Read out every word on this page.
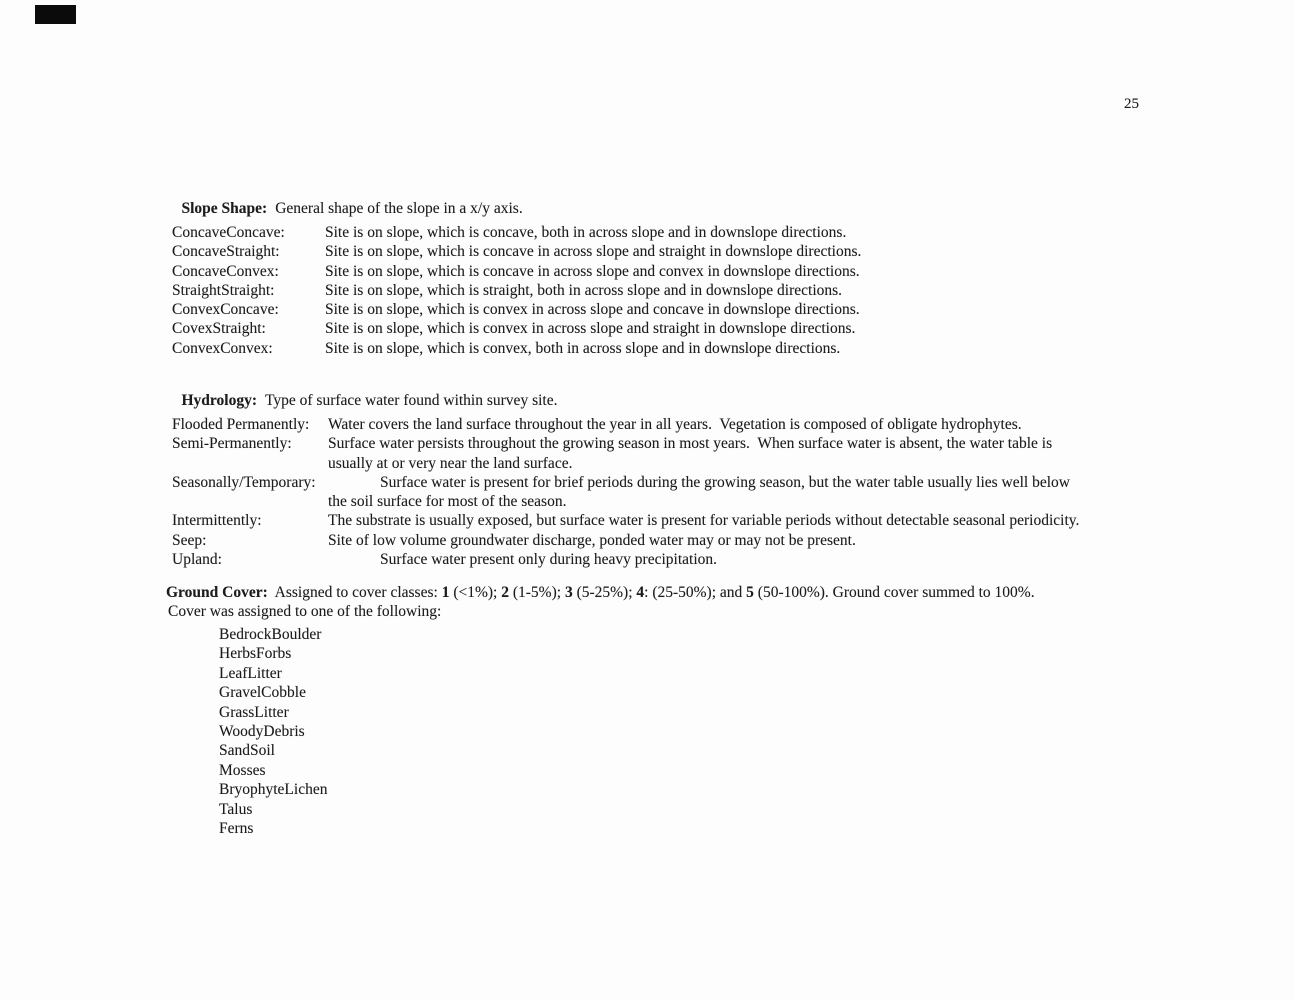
25

Slope Shape: General shape of the slope in a x/y axis.

ConcaveConcave:	Site is on slope, which is concave, both in across slope and in downslope directions.
ConcaveStraight:	Site is on slope, which is concave in across slope and straight in downslope directions.
ConcaveConvex:	Site is on slope, which is concave in across slope and convex in downslope directions.
StraightStraight:	Site is on slope, which is straight, both in across slope and in downslope directions.
ConvexConcave:	Site is on slope, which is convex in across slope and concave in downslope directions.
CovexStraight:	Site is on slope, which is convex in across slope and straight in downslope directions.
ConvexConvex:	Site is on slope, which is convex, both in across slope and in downslope directions.

Hydrology: Type of surface water found within survey site.

Flooded Permanently:	Water covers the land surface throughout the year in all years.  Vegetation is composed of obligate hydrophytes.
Semi-Permanently:	Surface water persists throughout the growing season in most years.  When surface water is absent, the water table is
usually at or very near the land surface.
Seasonally/Temporary:	Surface water is present for brief periods during the growing season, but the water table usually lies well below
the soil surface for most of the season.
Intermittently:	The substrate is usually exposed, but surface water is present for variable periods without detectable seasonal periodicity.
Seep:	Site of low volume groundwater discharge, ponded water may or may not be present.
Upland:	Surface water present only during heavy precipitation.
Ground Cover:  Assigned to cover classes: 1 (<1%); 2 (1-5%); 3 (5-25%); 4: (25-50%); and 5 (50-100%). Ground cover summed to 100%.
Cover was assigned to one of the following:
BedrockBoulder
HerbsForbs
LeafLitter
GravelCobble
GrassLitter
WoodyDebris
SandSoil
Mosses
BryophyteLichen
Talus
Ferns
